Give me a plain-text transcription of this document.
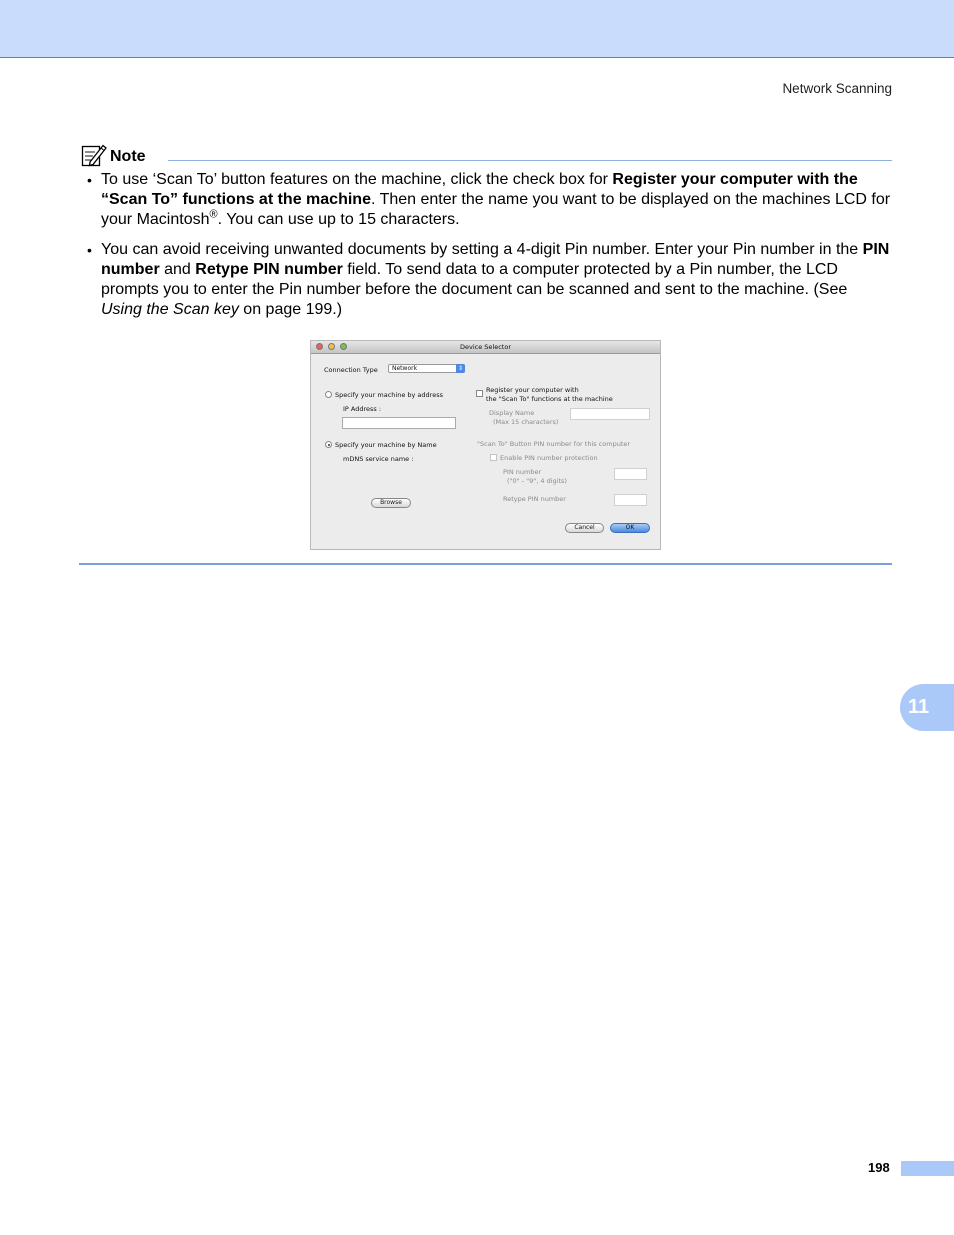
Network Scanning
Note
• To use ‘Scan To’ button features on the machine, click the check box for Register your computer with the “Scan To” functions at the machine. Then enter the name you want to be displayed on the machines LCD for your Macintosh®. You can use up to 15 characters.
• You can avoid receiving unwanted documents by setting a 4-digit Pin number. Enter your Pin number in the PIN number and Retype PIN number field. To send data to a computer protected by a Pin number, the LCD prompts you to enter the Pin number before the document can be scanned and sent to the machine. (See Using the Scan key on page 199.)
Device Selector
Connection Type	Network	⇕
Specify your machine by address
IP Address :
Specify your machine by Name
mDNS service name :
Browse
Register your computer with
the "Scan To" functions at the machine
Display Name
(Max 15 characters)
"Scan To" Button PIN number for this computer
Enable PIN number protection
PIN number
("0" - "9", 4 digits)
Retype PIN number
Cancel	OK
11
198
